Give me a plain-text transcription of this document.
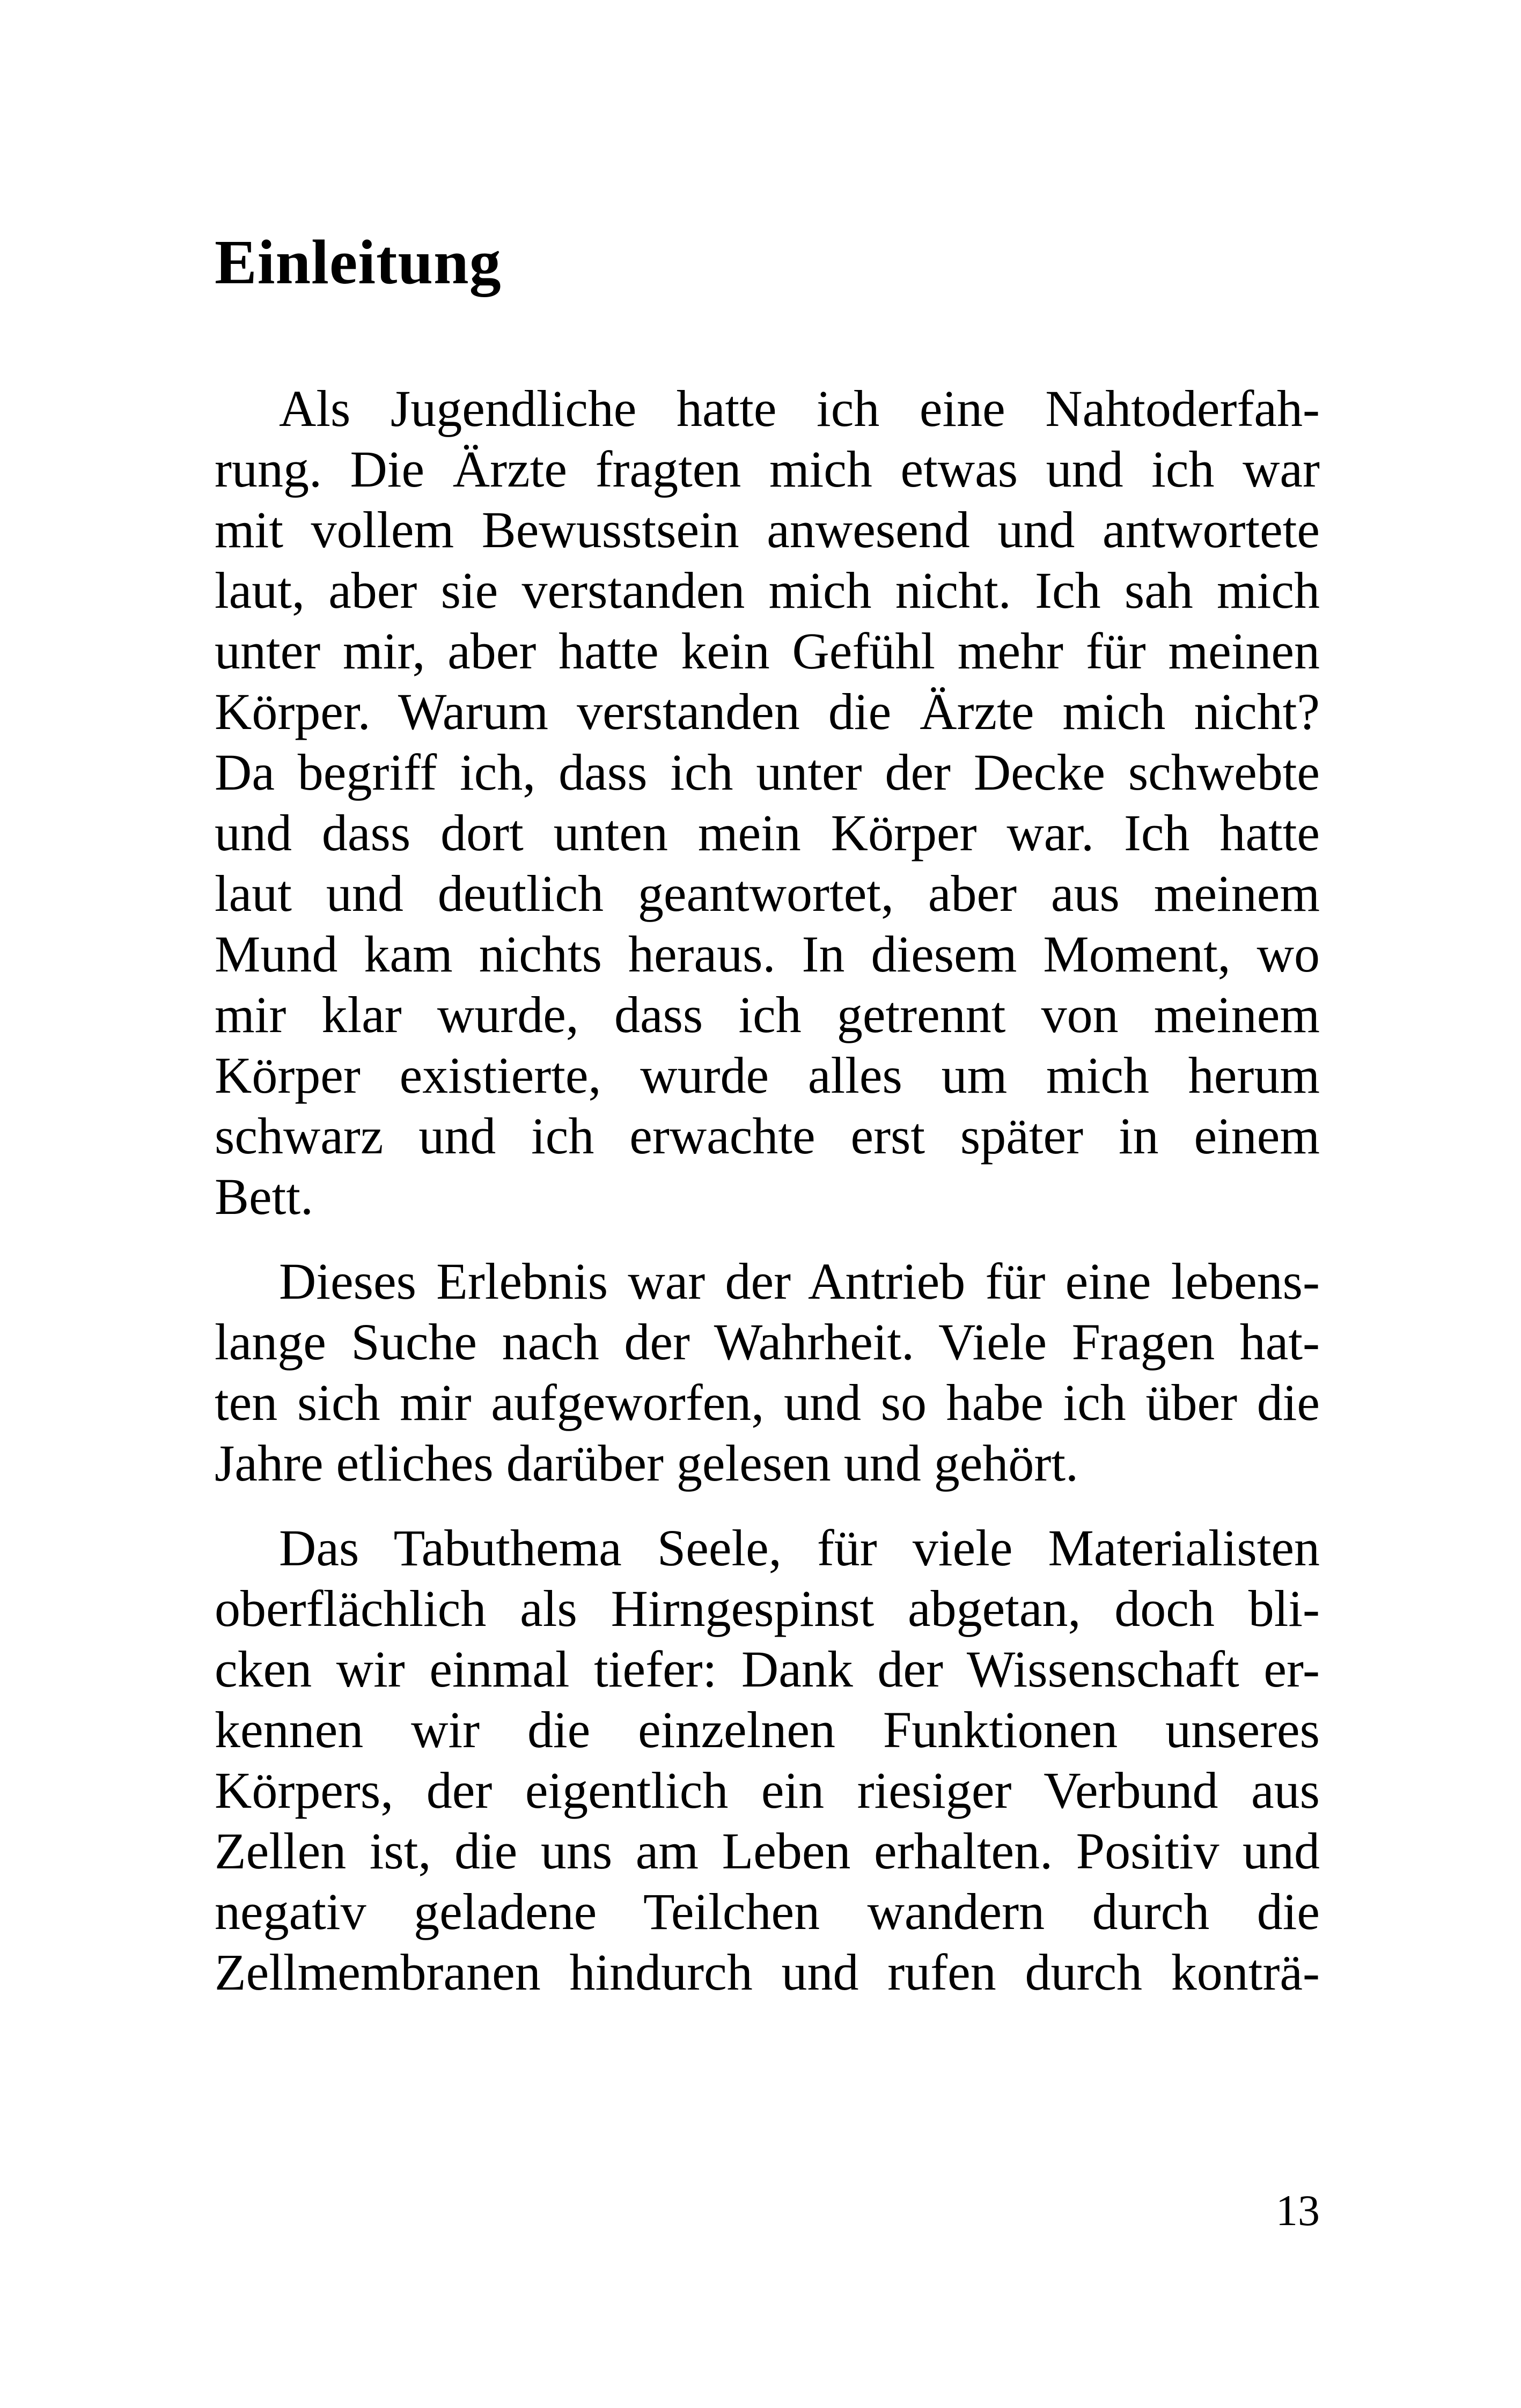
Einleitung
Als Jugendliche hatte ich eine Nahtoderfah-
rung. Die Ärzte fragten mich etwas und ich war
mit vollem Bewusstsein anwesend und antwortete
laut, aber sie verstanden mich nicht. Ich sah mich
unter mir, aber hatte kein Gefühl mehr für meinen
Körper. Warum verstanden die Ärzte mich nicht?
Da begriff ich, dass ich unter der Decke schwebte
und dass dort unten mein Körper war. Ich hatte
laut und deutlich geantwortet, aber aus meinem
Mund kam nichts heraus. In diesem Moment, wo
mir klar wurde, dass ich getrennt von meinem
Körper existierte, wurde alles um mich herum
schwarz und ich erwachte erst später in einem
Bett.
Dieses Erlebnis war der Antrieb für eine lebens-
lange Suche nach der Wahrheit. Viele Fragen hat-
ten sich mir aufgeworfen, und so habe ich über die
Jahre etliches darüber gelesen und gehört.
Das Tabuthema Seele, für viele Materialisten
oberflächlich als Hirngespinst abgetan, doch bli-
cken wir einmal tiefer: Dank der Wissenschaft er-
kennen wir die einzelnen Funktionen unseres
Körpers, der eigentlich ein riesiger Verbund aus
Zellen ist, die uns am Leben erhalten. Positiv und
negativ geladene Teilchen wandern durch die
Zellmembranen hindurch und rufen durch konträ-
13
